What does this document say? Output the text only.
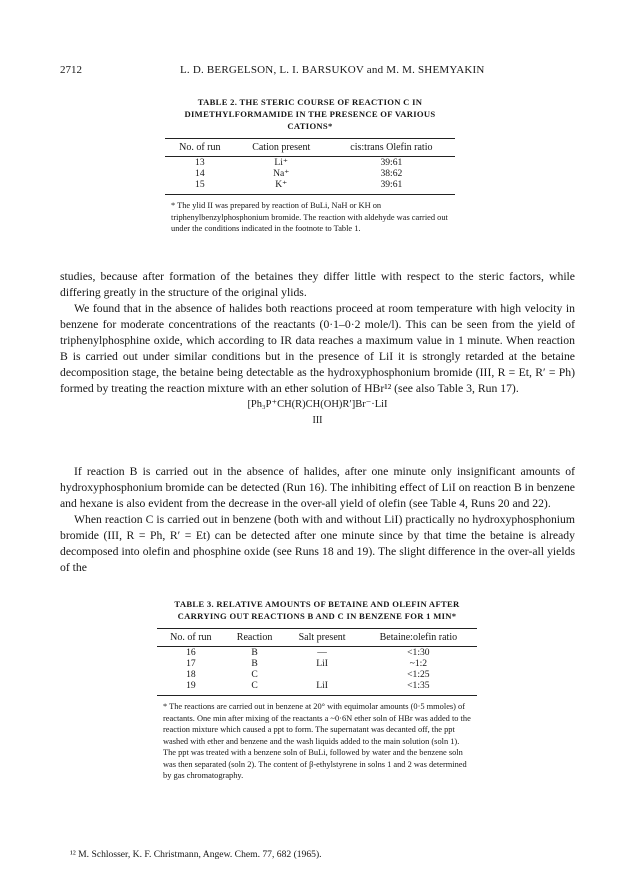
2712	L. D. BERGELSON, L. I. BARSUKOV and M. M. SHEMYAKIN
TABLE 2. THE STERIC COURSE OF REACTION C IN DIMETHYLFORMAMIDE IN THE PRESENCE OF VARIOUS CATIONS*
No. of run	Cation present	cis:trans Olefin ratio
13	Li⁺	39:61
14	Na⁺	38:62
15	K⁺	39:61
* The ylid II was prepared by reaction of BuLi, NaH or KH on triphenylbenzylphosphonium bromide. The reaction with aldehyde was carried out under the conditions indicated in the footnote to Table 1.

studies, because after formation of the betaines they differ little with respect to the steric factors, while differing greatly in the structure of the original ylids.

We found that in the absence of halides both reactions proceed at room temperature with high velocity in benzene for moderate concentrations of the reactants (0·1–0·2 mole/l). This can be seen from the yield of triphenylphosphine oxide, which according to IR data reaches a maximum value in 1 minute. When reaction B is carried out under similar conditions but in the presence of LiI it is strongly retarded at the betaine decomposition stage, the betaine being detectable as the hydroxyphosphonium bromide (III, R = Et, R′ = Ph) formed by treating the reaction mixture with an ether solution of HBr¹² (see also Table 3, Run 17).

[Ph₃P⁺CH(R)CH(OH)R′]Br⁻·LiI
III

If reaction B is carried out in the absence of halides, after one minute only insignificant amounts of hydroxyphosphonium bromide can be detected (Run 16). The inhibiting effect of LiI on reaction B in benzene and hexane is also evident from the decrease in the over-all yield of olefin (see Table 4, Runs 20 and 22).

When reaction C is carried out in benzene (both with and without LiI) practically no hydroxyphosphonium bromide (III, R = Ph, R′ = Et) can be detected after one minute since by that time the betaine is already decomposed into olefin and phosphine oxide (see Runs 18 and 19). The slight difference in the over-all yields of the

TABLE 3. RELATIVE AMOUNTS OF BETAINE AND OLEFIN AFTER CARRYING OUT REACTIONS B AND C IN BENZENE FOR 1 MIN*
No. of run	Reaction	Salt present	Betaine:olefin ratio
16	B	—	<1:30
17	B	LiI	~1:2
18	C		<1:25
19	C	LiI	<1:35
* The reactions are carried out in benzene at 20° with equimolar amounts (0·5 mmoles) of reactants. One min after mixing of the reactants a ~0·6N ether soln of HBr was added to the reaction mixture which caused a ppt to form. The supernatant was decanted off, the ppt washed with ether and benzene and the wash liquids added to the main solution (soln 1). The ppt was treated with a benzene soln of BuLi, followed by water and the benzene soln was then separated (soln 2). The content of β-ethylstyrene in solns 1 and 2 was determined by gas chromatography.
¹² M. Schlosser, K. F. Christmann, Angew. Chem. 77, 682 (1965).
